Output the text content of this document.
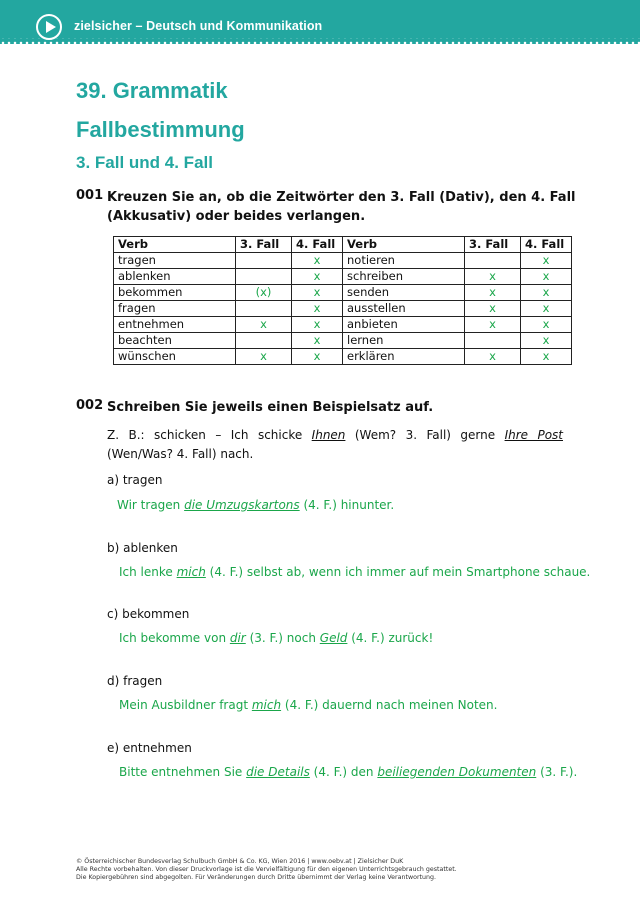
zielsicher – Deutsch und Kommunikation
39. Grammatik
Fallbestimmung
3. Fall und 4. Fall
001 Kreuzen Sie an, ob die Zeitwörter den 3. Fall (Dativ), den 4. Fall (Akkusativ) oder beides verlangen.
Verb	3. Fall	4. Fall	Verb	3. Fall	4. Fall
tragen		x	notieren		x
ablenken		x	schreiben	x	x
bekommen	(x)	x	senden	x	x
fragen		x	ausstellen	x	x
entnehmen	x	x	anbieten	x	x
beachten		x	lernen		x
wünschen	x	x	erklären	x	x
002 Schreiben Sie jeweils einen Beispielsatz auf.
Z. B.: schicken – Ich schicke Ihnen (Wem? 3. Fall) gerne Ihre Post (Wen/Was? 4. Fall) nach.
a) tragen
Wir tragen die Umzugskartons (4. F.) hinunter.
b) ablenken
Ich lenke mich (4. F.) selbst ab, wenn ich immer auf mein Smartphone schaue.
c) bekommen
Ich bekomme von dir (3. F.) noch Geld (4. F.) zurück!
d) fragen
Mein Ausbildner fragt mich (4. F.) dauernd nach meinen Noten.
e) entnehmen
Bitte entnehmen Sie die Details (4. F.) den beiliegenden Dokumenten (3. F.).
© Österreichischer Bundesverlag Schulbuch GmbH & Co. KG, Wien 2016 | www.oebv.at | Zielsicher DuK
Alle Rechte vorbehalten. Von dieser Druckvorlage ist die Vervielfältigung für den eigenen Unterrichtsgebrauch gestattet.
Die Kopiergebühren sind abgegolten. Für Veränderungen durch Dritte übernimmt der Verlag keine Verantwortung.
